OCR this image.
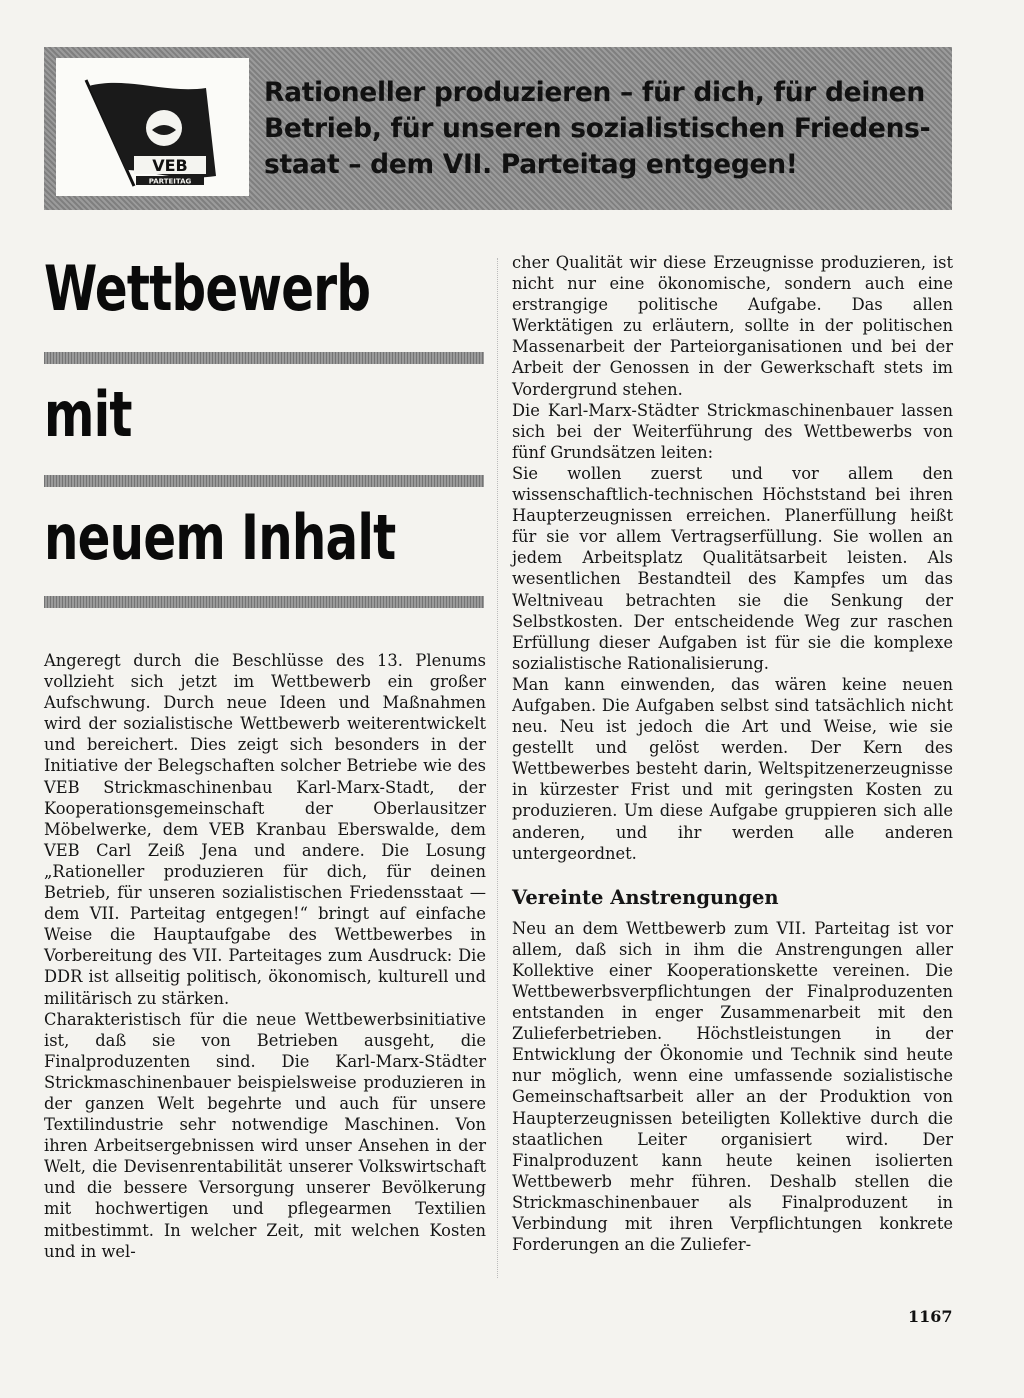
VEB
PARTEITAG
Rationeller produzieren – für dich, für deinen
Betrieb, für unseren sozialistischen Friedens-
staat – dem VII. Parteitag entgegen!
Wettbewerb
mit
neuem Inhalt

Angeregt durch die Beschlüsse des 13. Plenums vollzieht sich jetzt im Wettbewerb ein großer Aufschwung. Durch neue Ideen und Maßnahmen wird der sozialistische Wettbewerb weiterentwickelt und bereichert. Dies zeigt sich besonders in der Initiative der Belegschaften solcher Betriebe wie des VEB Strickmaschinenbau Karl-Marx-Stadt, der Kooperationsgemeinschaft der Oberlausitzer Möbelwerke, dem VEB Kranbau Eberswalde, dem VEB Carl Zeiß Jena und andere. Die Losung „Rationeller produzieren für dich, für deinen Betrieb, für unseren sozialistischen Friedensstaat — dem VII. Parteitag entgegen!“ bringt auf einfache Weise die Hauptaufgabe des Wettbewerbes in Vorbereitung des VII. Parteitages zum Ausdruck: Die DDR ist allseitig politisch, ökonomisch, kulturell und militärisch zu stärken.

Charakteristisch für die neue Wettbewerbsinitiative ist, daß sie von Betrieben ausgeht, die Finalproduzenten sind. Die Karl-Marx-Städter Strickmaschinenbauer beispielsweise produzieren in der ganzen Welt begehrte und auch für unsere Textilindustrie sehr notwendige Maschinen. Von ihren Arbeitsergebnissen wird unser Ansehen in der Welt, die Devisenrentabilität unserer Volkswirtschaft und die bessere Versorgung unserer Bevölkerung mit hochwertigen und pflegearmen Textilien mitbestimmt. In welcher Zeit, mit welchen Kosten und in wel-

cher Qualität wir diese Erzeugnisse produzieren, ist nicht nur eine ökonomische, sondern auch eine erstrangige politische Aufgabe. Das allen Werktätigen zu erläutern, sollte in der politischen Massenarbeit der Parteiorganisationen und bei der Arbeit der Genossen in der Gewerkschaft stets im Vordergrund stehen.

Die Karl-Marx-Städter Strickmaschinenbauer lassen sich bei der Weiterführung des Wettbewerbs von fünf Grundsätzen leiten:

Sie wollen zuerst und vor allem den wissenschaftlich-technischen Höchststand bei ihren Haupterzeugnissen erreichen. Planerfüllung heißt für sie vor allem Vertragserfüllung. Sie wollen an jedem Arbeitsplatz Qualitätsarbeit leisten. Als wesentlichen Bestandteil des Kampfes um das Weltniveau betrachten sie die Senkung der Selbstkosten. Der entscheidende Weg zur raschen Erfüllung dieser Aufgaben ist für sie die komplexe sozialistische Rationalisierung.

Man kann einwenden, das wären keine neuen Aufgaben. Die Aufgaben selbst sind tatsächlich nicht neu. Neu ist jedoch die Art und Weise, wie sie gestellt und gelöst werden. Der Kern des Wettbewerbes besteht darin, Weltspitzenerzeugnisse in kürzester Frist und mit geringsten Kosten zu produzieren. Um diese Aufgabe gruppieren sich alle anderen, und ihr werden alle anderen untergeordnet.

Vereinte Anstrengungen

Neu an dem Wettbewerb zum VII. Parteitag ist vor allem, daß sich in ihm die Anstrengungen aller Kollektive einer Kooperationskette vereinen. Die Wettbewerbsverpflichtungen der Finalproduzenten entstanden in enger Zusammenarbeit mit den Zulieferbetrieben. Höchstleistungen in der Entwicklung der Ökonomie und Technik sind heute nur möglich, wenn eine umfassende sozialistische Gemeinschaftsarbeit aller an der Produktion von Haupterzeugnissen beteiligten Kollektive durch die staatlichen Leiter organisiert wird. Der Finalproduzent kann heute keinen isolierten Wettbewerb mehr führen. Deshalb stellen die Strickmaschinenbauer als Finalproduzent in Verbindung mit ihren Verpflichtungen konkrete Forderungen an die Zuliefer-

1167
